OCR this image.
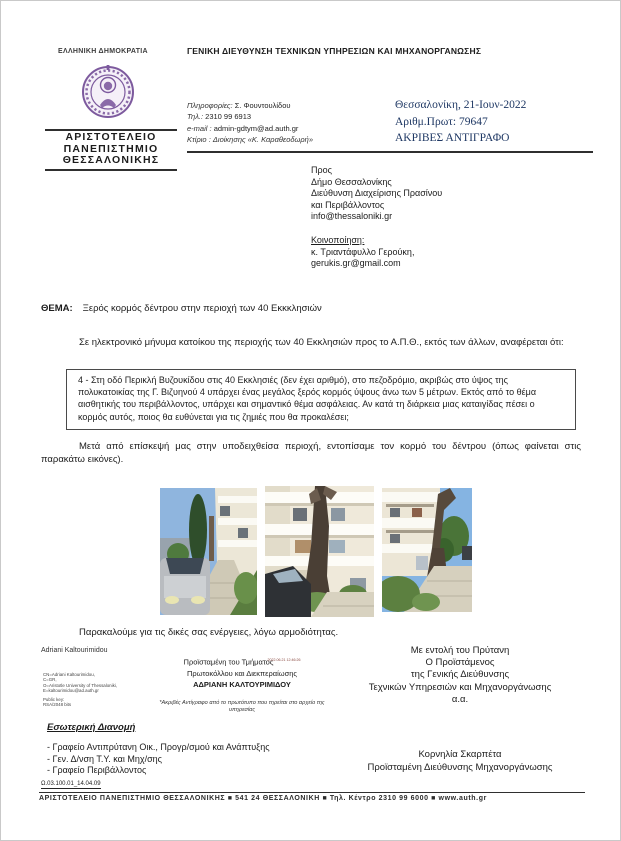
ΕΛΛΗΝΙΚΗ ΔΗΜΟΚΡΑΤΙΑ	ΓΕΝΙΚΗ ΔΙΕΥΘΥΝΣΗ ΤΕΧΝΙΚΩΝ ΥΠΗΡΕΣΙΩΝ ΚΑΙ ΜΗΧΑΝΟΡΓΑΝΩΣΗΣ
ΑΡΙΣΤΟΤΕΛΕΙΟ
ΠΑΝΕΠΙΣΤΗΜΙΟ
ΘΕΣΣΑΛΟΝΙΚΗΣ
Πληροφορίες: Σ. Φουντουλίδου
Τηλ.: 2310 99 6913
e-mail : admin-gdtym@ad.auth.gr
Κτίριο : Διοίκησης «Κ. Καραθεοδωρή»
Θεσσαλονίκη, 21-Ιουν-2022
Αριθμ.Πρωτ: 79647
ΑΚΡΙΒΕΣ ΑΝΤΙΓΡΑΦΟ
Προς
Δήμο Θεσσαλονίκης
Διεύθυνση Διαχείρισης Πρασίνου
και Περιβάλλοντος
info@thessaloniki.gr
Κοινοποίηση:
κ. Τριαντάφυλλο Γερούκη,
gerukis.gr@gmail.com
ΘΕΜΑ: Ξερός κορμός δέντρου στην περιοχή των 40 Εκκκλησιών
Σε ηλεκτρονικό μήνυμα κατοίκου της περιοχής των 40 Εκκλησιών προς το Α.Π.Θ., εκτός των άλλων, αναφέρεται ότι:
4 - Στη οδό Περικλή Βυζουκίδου στις 40 Εκκλησιές (δεν έχει αριθμό), στο πεζοδρόμιο, ακριβώς στο ύψος της πολυκατοικίας της Γ. Βιζυηνού 4 υπάρχει ένας μεγάλος ξερός κορμός ύψους άνω των 5 μέτρων. Εκτός από το θέμα αισθητικής του περιβάλλοντος, υπάρχει και σημαντικό θέμα ασφάλειας. Αν κατά τη διάρκεια μιας καταιγίδας πέσει ο κορμός αυτός, ποιος θα ευθύνεται για τις ζημιές που θα προκαλέσει;
Μετά από επίσκεψή μας στην υποδειχθείσα περιοχή, εντοπίσαμε τον κορμό του δέντρου (όπως φαίνεται στις παρακάτω εικόνες).
Παρακαλούμε για τις δικές σας ενέργειες, λόγω αρμοδιότητας.
Adriani Kaltourimidou
CN=Adriani Kaltourimidou,
C=GR,
O=Aristotle University of Thessaloniki,
E=kaltourimidou@ad.auth.gr
Public key:
RSA/2048 bits
Προϊσταμένη του Τμήματος$^{2022.06.21 12:46:26}$
Πρωτοκόλλου και Διεκπεραίωσης
ΑΔΡΙΑΝΗ ΚΑΛΤΟΥΡΙΜΙΔΟΥ
*Ακριβές Αντίγραφο από το πρωτότυπο που τηρείται στο αρχείο της υπηρεσίας
Με εντολή του Πρύτανη
Ο Προϊστάμενος
της Γενικής Διεύθυνσης
Τεχνικών Υπηρεσιών και Μηχανοργάνωσης
α.α.
Κορνηλία Σκαρπέτα
Προϊσταμένη Διεύθυνσης Μηχανοργάνωσης
Εσωτερική Διανομή
- Γραφείο Αντιπρύτανη Οικ., Προγρ/σμού και Ανάπτυξης
- Γεν. Δ/νση Τ.Υ. και Μηχ/σης
- Γραφείο Περιβάλλοντος
Ω.03.100.01_14.04.09
ΑΡΙΣΤΟΤΕΛΕΙΟ ΠΑΝΕΠΙΣΤΗΜΙΟ ΘΕΣΣΑΛΟΝΙΚΗΣ ■ 541 24 ΘΕΣΣΑΛΟΝΙΚΗ ■ Τηλ. Κέντρο 2310 99 6000 ■ www.auth.gr
